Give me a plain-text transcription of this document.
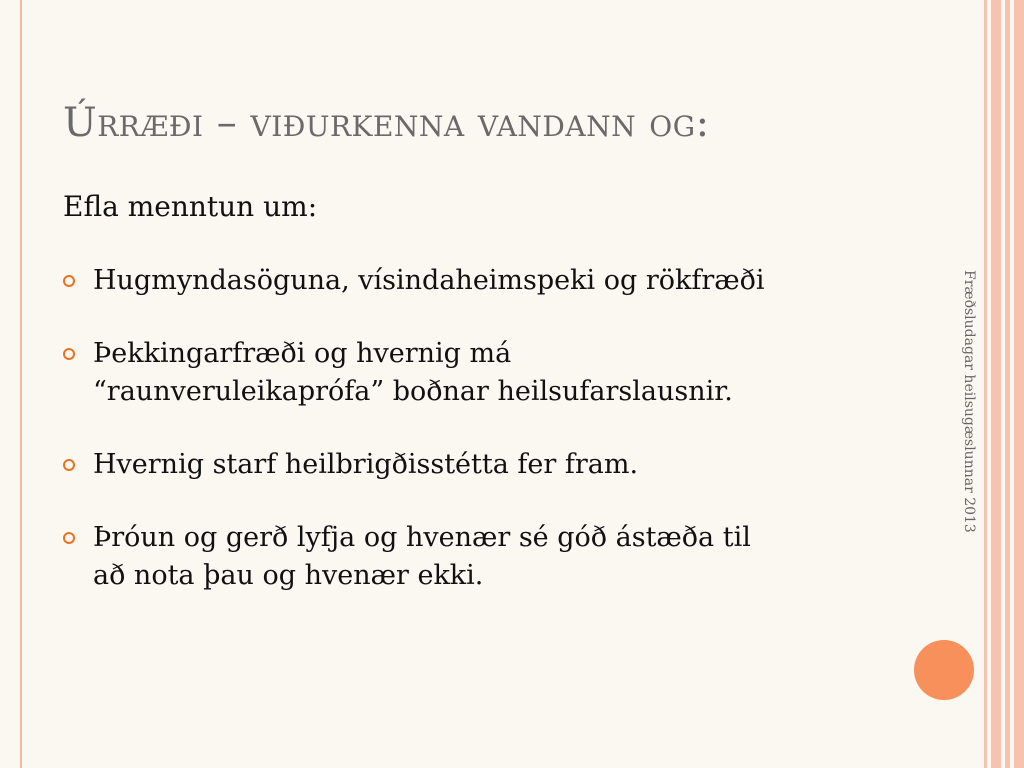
Úrræði – viðurkenna vandann og:
Efla menntun um:
Hugmyndasöguna, vísindaheimspeki og rökfræði
Þekkingarfræði og hvernig má
“raunveruleikaprófa” boðnar heilsufarslausnir.
Hvernig starf heilbrigðisstétta fer fram.
Þróun og gerð lyfja og hvenær sé góð ástæða til
að nota þau og hvenær ekki.
Fræðsludagar heilsugæslunnar 2013
